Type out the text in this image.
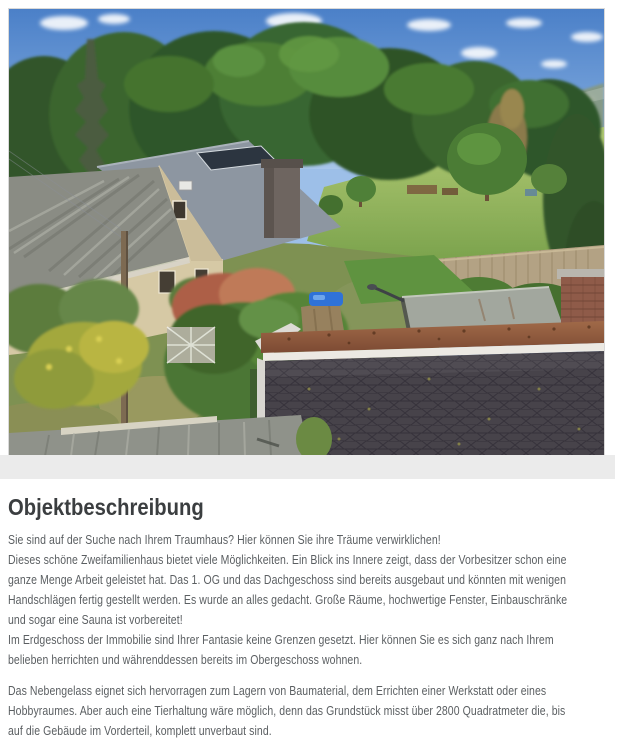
Objektbeschreibung

Sie sind auf der Suche nach Ihrem Traumhaus? Hier können Sie ihre Träume verwirklichen!
Dieses schöne Zweifamilienhaus bietet viele Möglichkeiten. Ein Blick ins Innere zeigt, dass der Vorbesitzer schon eine
ganze Menge Arbeit geleistet hat. Das 1. OG und das Dachgeschoss sind bereits ausgebaut und könnten mit wenigen
Handschlägen fertig gestellt werden. Es wurde an alles gedacht. Große Räume, hochwertige Fenster, Einbauschränke
und sogar eine Sauna ist vorbereitet!
Im Erdgeschoss der Immobilie sind Ihrer Fantasie keine Grenzen gesetzt. Hier können Sie es sich ganz nach Ihrem
belieben herrichten und währenddessen bereits im Obergeschoss wohnen.

Das Nebengelass eignet sich hervorragen zum Lagern von Baumaterial, dem Errichten einer Werkstatt oder eines
Hobbyraumes. Aber auch eine Tierhaltung wäre möglich, denn das Grundstück misst über 2800 Quadratmeter die, bis
auf die Gebäude im Vorderteil, komplett unverbaut sind.
